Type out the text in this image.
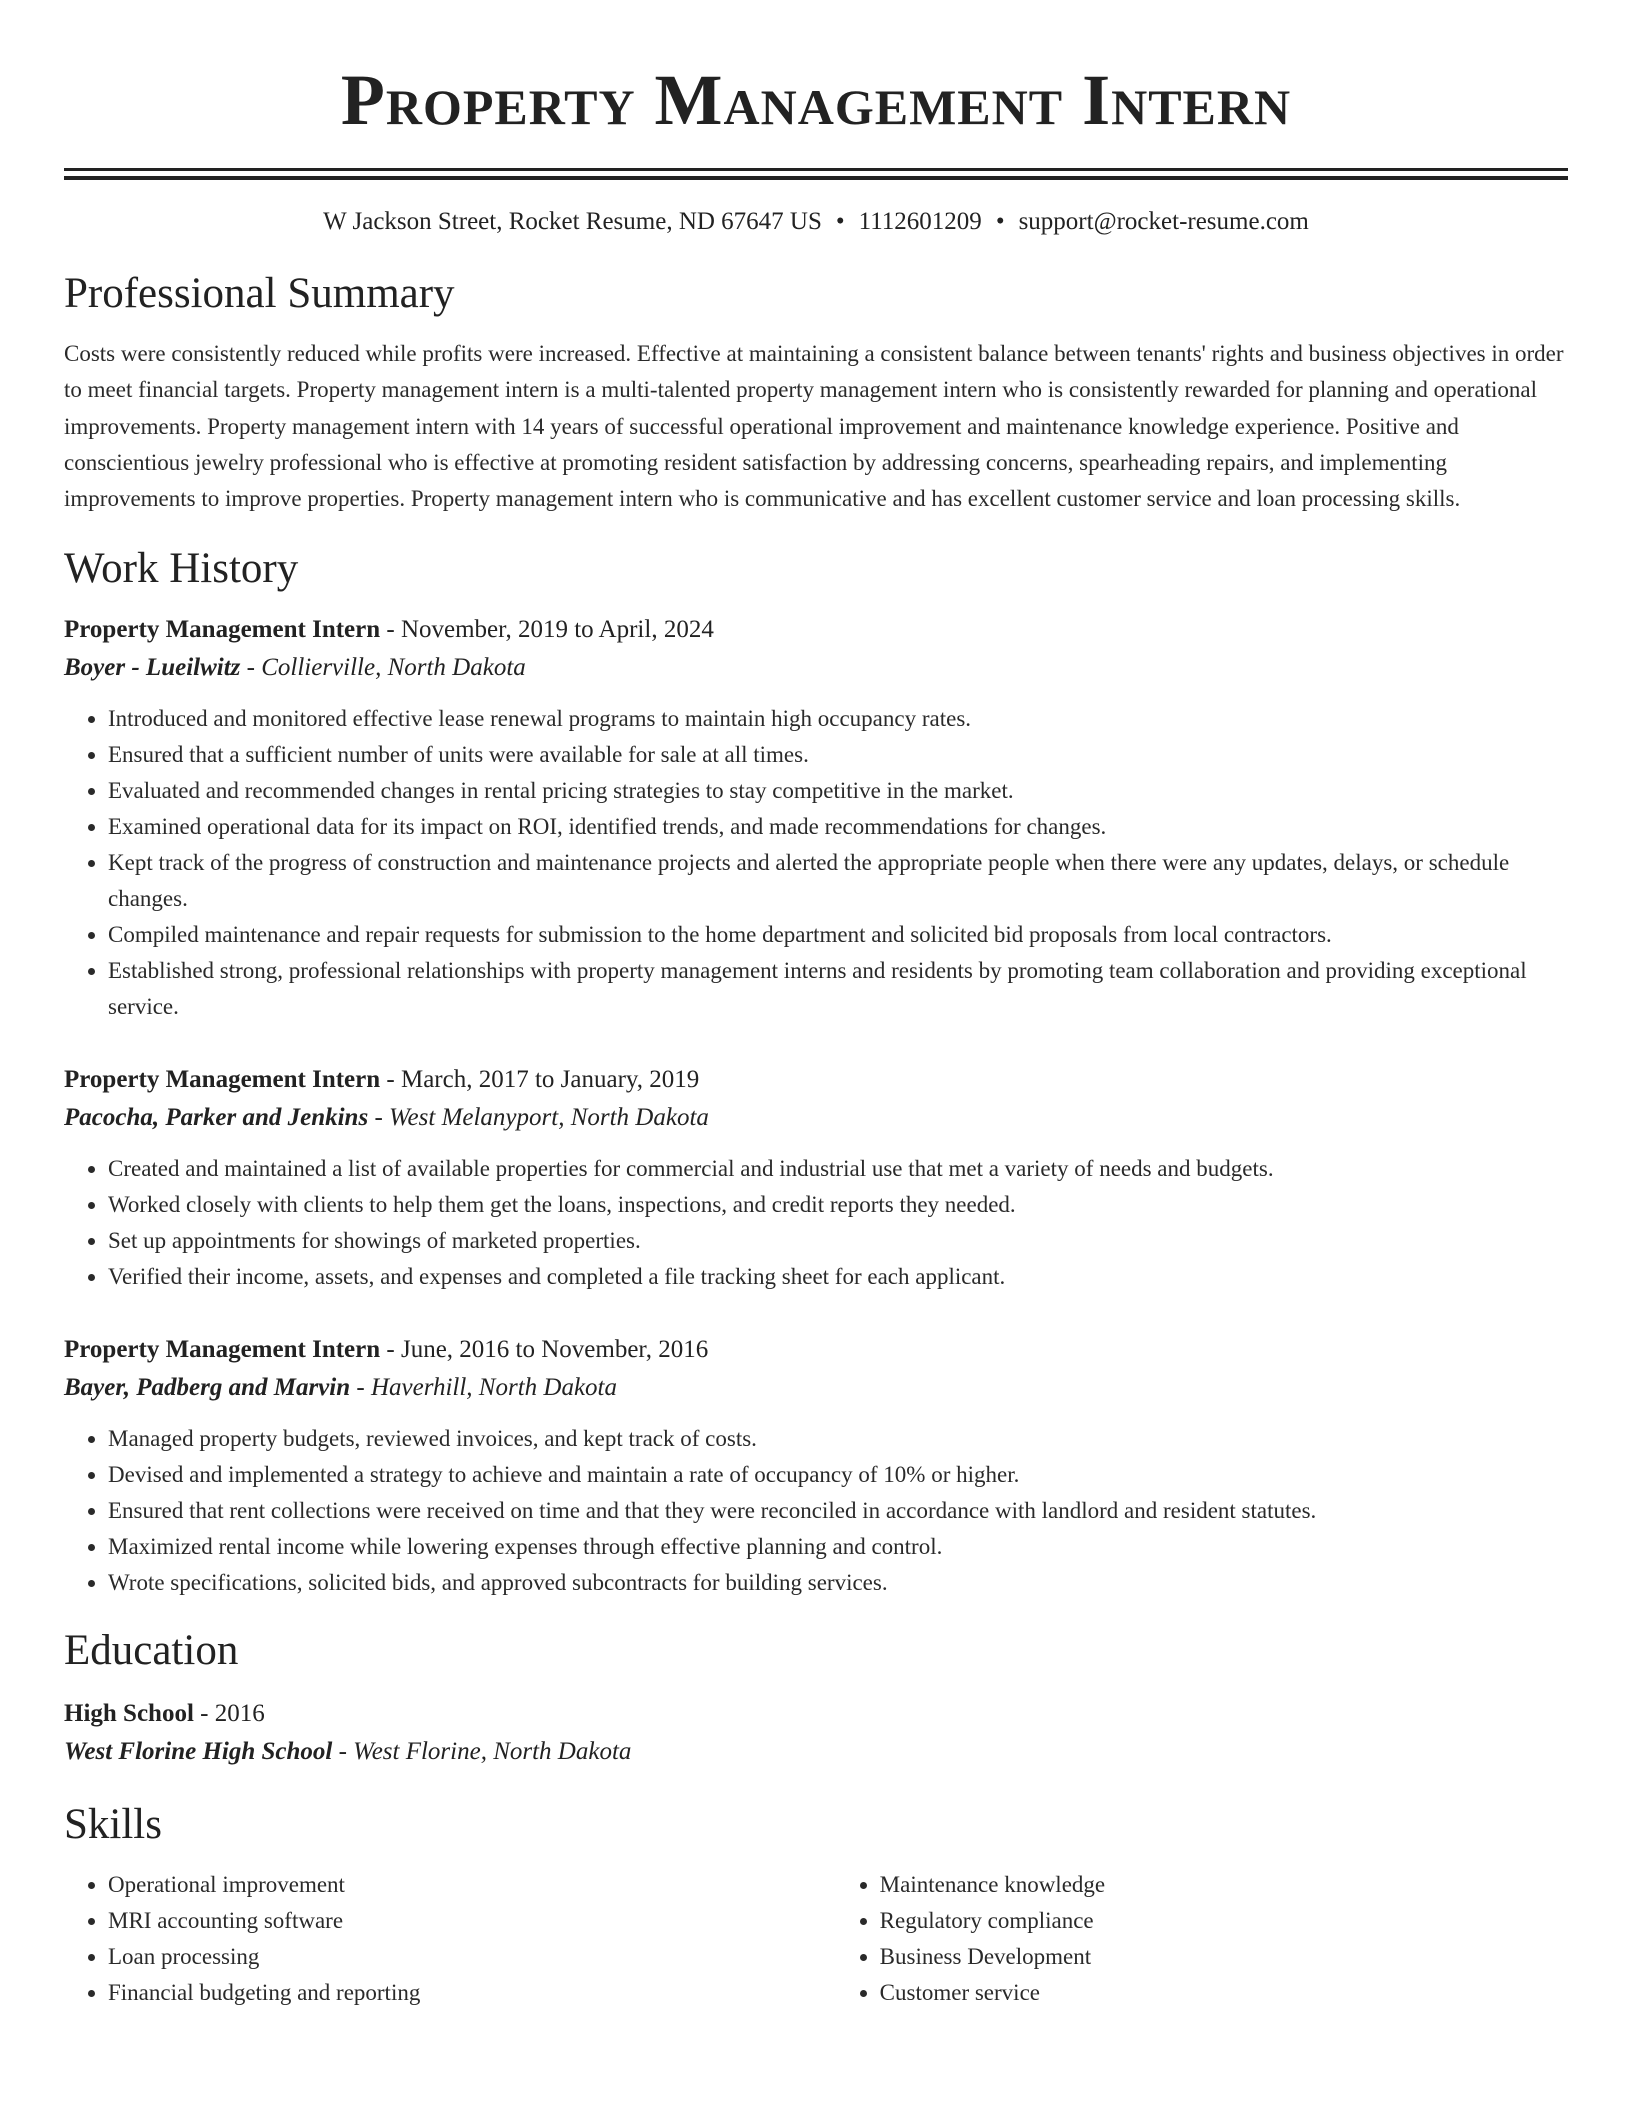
Property Management Intern
W Jackson Street, Rocket Resume, ND 67647 US • 1112601209 • support@rocket-resume.com
Professional Summary

Costs were consistently reduced while profits were increased. Effective at maintaining a consistent balance between tenants' rights and business objectives in order to meet financial targets. Property management intern is a multi-talented property management intern who is consistently rewarded for planning and operational improvements. Property management intern with 14 years of successful operational improvement and maintenance knowledge experience. Positive and conscientious jewelry professional who is effective at promoting resident satisfaction by addressing concerns, spearheading repairs, and implementing improvements to improve properties. Property management intern who is communicative and has excellent customer service and loan processing skills.

Work History
Property Management Intern - November, 2019 to April, 2024
Boyer - Lueilwitz - Collierville, North Dakota
• Introduced and monitored effective lease renewal programs to maintain high occupancy rates.
• Ensured that a sufficient number of units were available for sale at all times.
• Evaluated and recommended changes in rental pricing strategies to stay competitive in the market.
• Examined operational data for its impact on ROI, identified trends, and made recommendations for changes.
• Kept track of the progress of construction and maintenance projects and alerted the appropriate people when there were any updates, delays, or schedule changes.
• Compiled maintenance and repair requests for submission to the home department and solicited bid proposals from local contractors.
• Established strong, professional relationships with property management interns and residents by promoting team collaboration and providing exceptional service.
Property Management Intern - March, 2017 to January, 2019
Pacocha, Parker and Jenkins - West Melanyport, North Dakota
• Created and maintained a list of available properties for commercial and industrial use that met a variety of needs and budgets.
• Worked closely with clients to help them get the loans, inspections, and credit reports they needed.
• Set up appointments for showings of marketed properties.
• Verified their income, assets, and expenses and completed a file tracking sheet for each applicant.
Property Management Intern - June, 2016 to November, 2016
Bayer, Padberg and Marvin - Haverhill, North Dakota
• Managed property budgets, reviewed invoices, and kept track of costs.
• Devised and implemented a strategy to achieve and maintain a rate of occupancy of 10% or higher.
• Ensured that rent collections were received on time and that they were reconciled in accordance with landlord and resident statutes.
• Maximized rental income while lowering expenses through effective planning and control.
• Wrote specifications, solicited bids, and approved subcontracts for building services.
Education
High School - 2016
West Florine High School - West Florine, North Dakota
Skills
• Operational improvement
• MRI accounting software
• Loan processing
• Financial budgeting and reporting
• Maintenance knowledge
• Regulatory compliance
• Business Development
• Customer service
